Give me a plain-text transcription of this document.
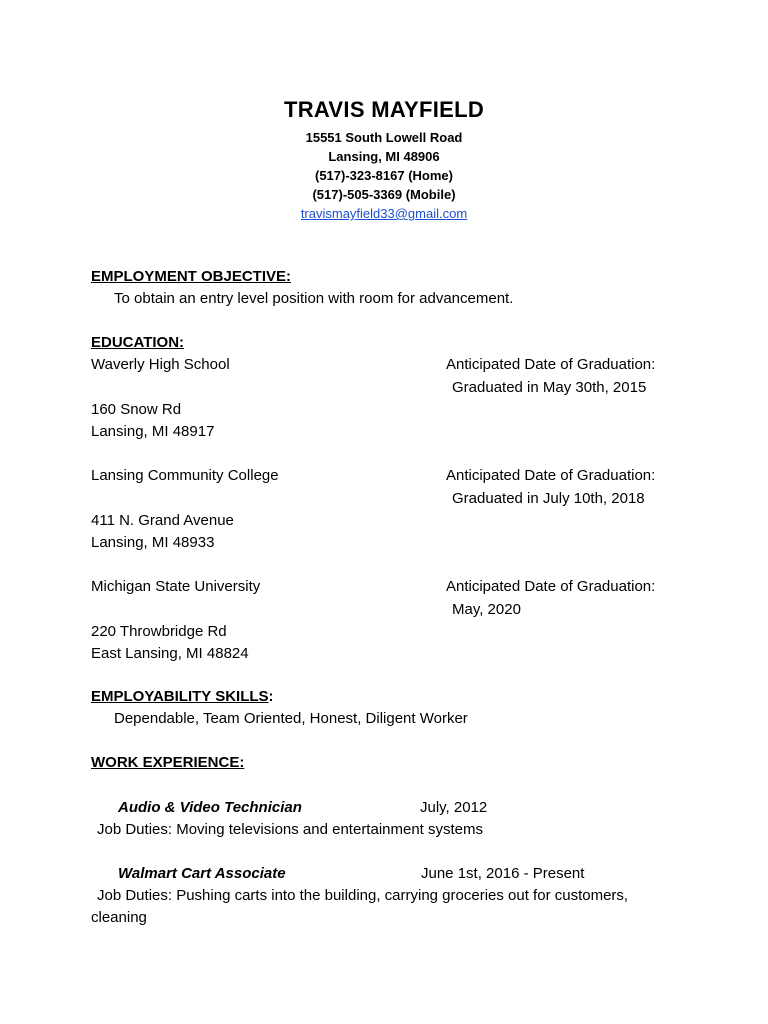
TRAVIS MAYFIELD
15551 South Lowell Road
Lansing, MI 48906
(517)-323-8167 (Home)
(517)-505-3369 (Mobile)
travismayfield33@gmail.com
EMPLOYMENT OBJECTIVE:
To obtain an entry level position with room for advancement.
EDUCATION:
Waverly High School	Anticipated Date of Graduation:
Graduated in May 30th, 2015
160 Snow Rd
Lansing, MI 48917
Lansing Community College	Anticipated Date of Graduation:
Graduated in July 10th, 2018
411 N. Grand Avenue
Lansing, MI 48933
Michigan State University	Anticipated Date of Graduation:
May, 2020
220 Throwbridge Rd
East Lansing, MI 48824
EMPLOYABILITY SKILLS:
Dependable, Team Oriented, Honest, Diligent Worker
WORK EXPERIENCE:
Audio & Video Technician	July, 2012
Job Duties: Moving televisions and entertainment systems
Walmart Cart Associate	June 1st, 2016 - Present
Job Duties: Pushing carts into the building, carrying groceries out for customers,
cleaning
